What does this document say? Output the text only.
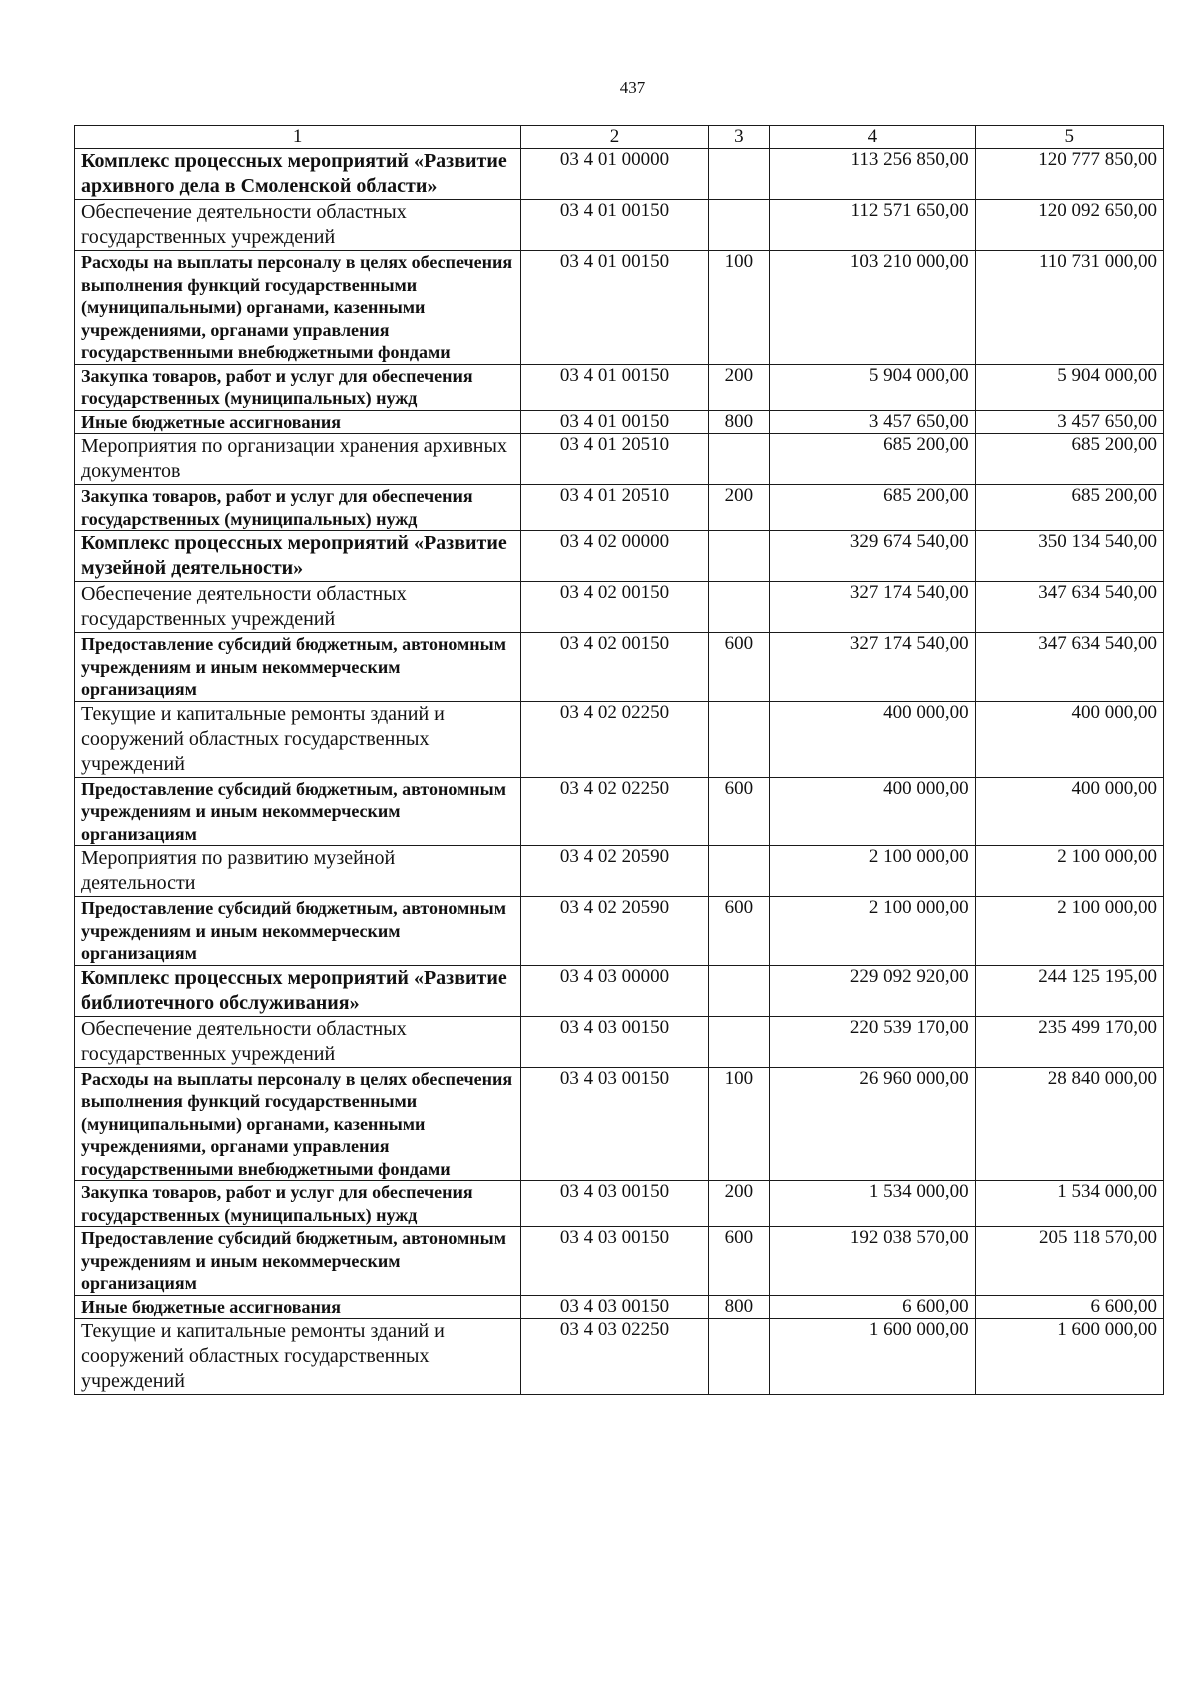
437
1	2	3	4	5
Комплекс процессных мероприятий «Развитие архивного дела в Смоленской области»	03 4 01 00000		113 256 850,00	120 777 850,00
Обеспечение деятельности областных государственных учреждений	03 4 01 00150		112 571 650,00	120 092 650,00
Расходы на выплаты персоналу в целях обеспечения выполнения функций государственными (муниципальными) органами, казенными учреждениями, органами управления государственными внебюджетными фондами	03 4 01 00150	100	103 210 000,00	110 731 000,00
Закупка товаров, работ и услуг для обеспечения государственных (муниципальных) нужд	03 4 01 00150	200	5 904 000,00	5 904 000,00
Иные бюджетные ассигнования	03 4 01 00150	800	3 457 650,00	3 457 650,00
Мероприятия по организации хранения архивных документов	03 4 01 20510		685 200,00	685 200,00
Закупка товаров, работ и услуг для обеспечения государственных (муниципальных) нужд	03 4 01 20510	200	685 200,00	685 200,00
Комплекс процессных мероприятий «Развитие музейной деятельности»	03 4 02 00000		329 674 540,00	350 134 540,00
Обеспечение деятельности областных государственных учреждений	03 4 02 00150		327 174 540,00	347 634 540,00
Предоставление субсидий бюджетным, автономным учреждениям и иным некоммерческим организациям	03 4 02 00150	600	327 174 540,00	347 634 540,00
Текущие и капитальные ремонты зданий и сооружений областных государственных учреждений	03 4 02 02250		400 000,00	400 000,00
Предоставление субсидий бюджетным, автономным учреждениям и иным некоммерческим организациям	03 4 02 02250	600	400 000,00	400 000,00
Мероприятия по развитию музейной деятельности	03 4 02 20590		2 100 000,00	2 100 000,00
Предоставление субсидий бюджетным, автономным учреждениям и иным некоммерческим организациям	03 4 02 20590	600	2 100 000,00	2 100 000,00
Комплекс процессных мероприятий «Развитие библиотечного обслуживания»	03 4 03 00000		229 092 920,00	244 125 195,00
Обеспечение деятельности областных государственных учреждений	03 4 03 00150		220 539 170,00	235 499 170,00
Расходы на выплаты персоналу в целях обеспечения выполнения функций государственными (муниципальными) органами, казенными учреждениями, органами управления государственными внебюджетными фондами	03 4 03 00150	100	26 960 000,00	28 840 000,00
Закупка товаров, работ и услуг для обеспечения государственных (муниципальных) нужд	03 4 03 00150	200	1 534 000,00	1 534 000,00
Предоставление субсидий бюджетным, автономным учреждениям и иным некоммерческим организациям	03 4 03 00150	600	192 038 570,00	205 118 570,00
Иные бюджетные ассигнования	03 4 03 00150	800	6 600,00	6 600,00
Текущие и капитальные ремонты зданий и сооружений областных государственных учреждений	03 4 03 02250		1 600 000,00	1 600 000,00
